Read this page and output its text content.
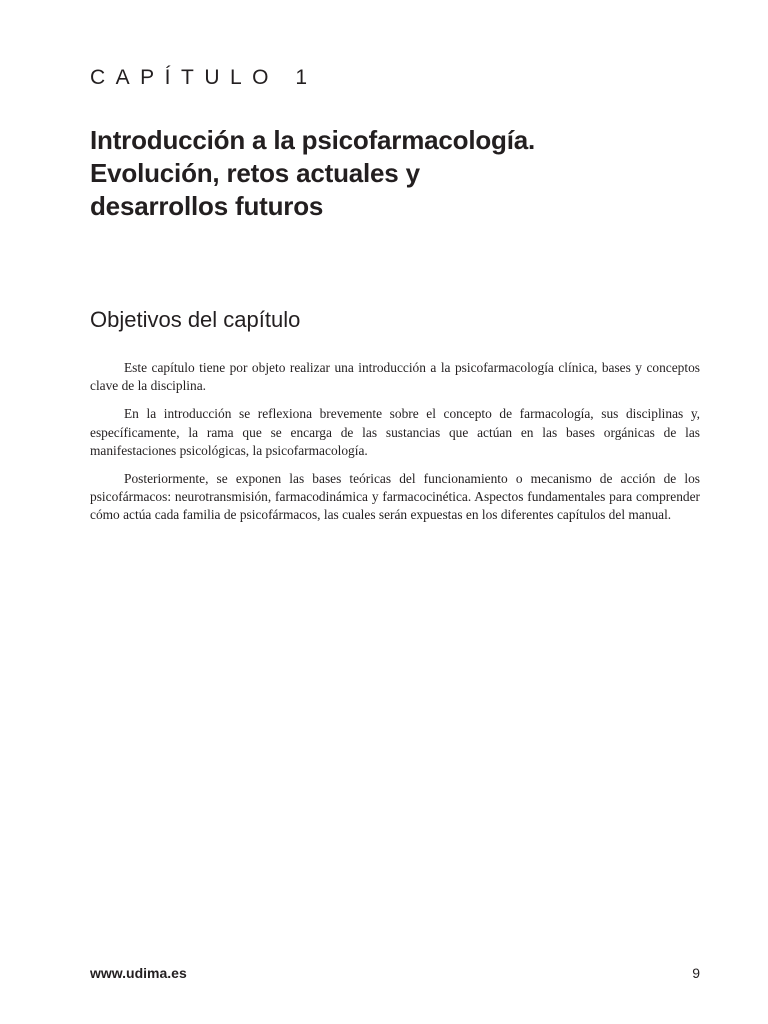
CAPÍTULO 1
Introducción a la psicofarmacología.
Evolución, retos actuales y
desarrollos futuros
Objetivos del capítulo

Este capítulo tiene por objeto realizar una introducción a la psicofarmacología clínica, bases y conceptos clave de la disciplina.

En la introducción se reflexiona brevemente sobre el concepto de farmacología, sus disciplinas y, específicamente, la rama que se encarga de las sustancias que actúan en las bases orgánicas de las manifestaciones psicológicas, la psicofarmacología.

Posteriormente, se exponen las bases teóricas del funcionamiento o mecanismo de acción de los psicofármacos: neurotransmisión, farmacodinámica y farmacocinética. Aspectos fundamentales para comprender cómo actúa cada familia de psicofármacos, las cuales serán expuestas en los diferentes capítulos del manual.

www.udima.es	9
